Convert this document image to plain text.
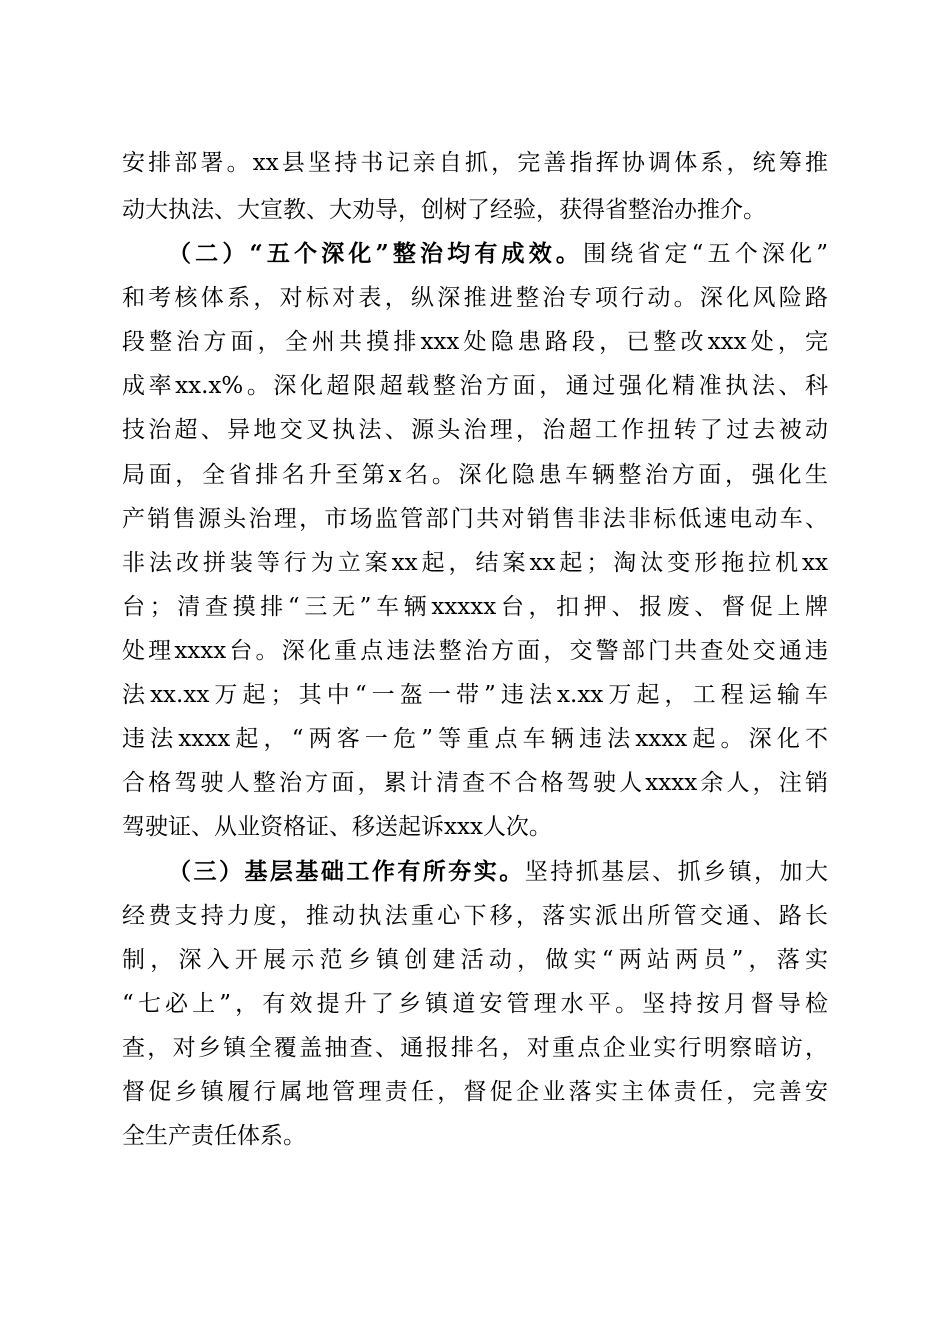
安排部署。xx县坚持书记亲自抓，完善指挥协调体系，统筹推
动大执法、大宣教、大劝导，创树了经验，获得省整治办推介。
（二）“五个深化”整治均有成效。围绕省定“五个深化”
和考核体系，对标对表，纵深推进整治专项行动。深化风险路
段整治方面，全州共摸排xxx处隐患路段，已整改xxx处，完
成率xx.x%。深化超限超载整治方面，通过强化精准执法、科
技治超、异地交叉执法、源头治理，治超工作扭转了过去被动
局面，全省排名升至第x名。深化隐患车辆整治方面，强化生
产销售源头治理，市场监管部门共对销售非法非标低速电动车、
非法改拼装等行为立案xx起，结案xx起；淘汰变形拖拉机xx
台；清查摸排“三无”车辆xxxxx台，扣押、报废、督促上牌
处理xxxx台。深化重点违法整治方面，交警部门共查处交通违
法xx.xx万起；其中“一盔一带”违法x.xx万起，工程运输车
违法xxxx起，“两客一危”等重点车辆违法xxxx起。深化不
合格驾驶人整治方面，累计清查不合格驾驶人xxxx余人，注销
驾驶证、从业资格证、移送起诉xxx人次。
（三）基层基础工作有所夯实。坚持抓基层、抓乡镇，加大
经费支持力度，推动执法重心下移，落实派出所管交通、路长
制，深入开展示范乡镇创建活动，做实“两站两员”，落实
“七必上”，有效提升了乡镇道安管理水平。坚持按月督导检
查，对乡镇全覆盖抽查、通报排名，对重点企业实行明察暗访，
督促乡镇履行属地管理责任，督促企业落实主体责任，完善安
全生产责任体系。
